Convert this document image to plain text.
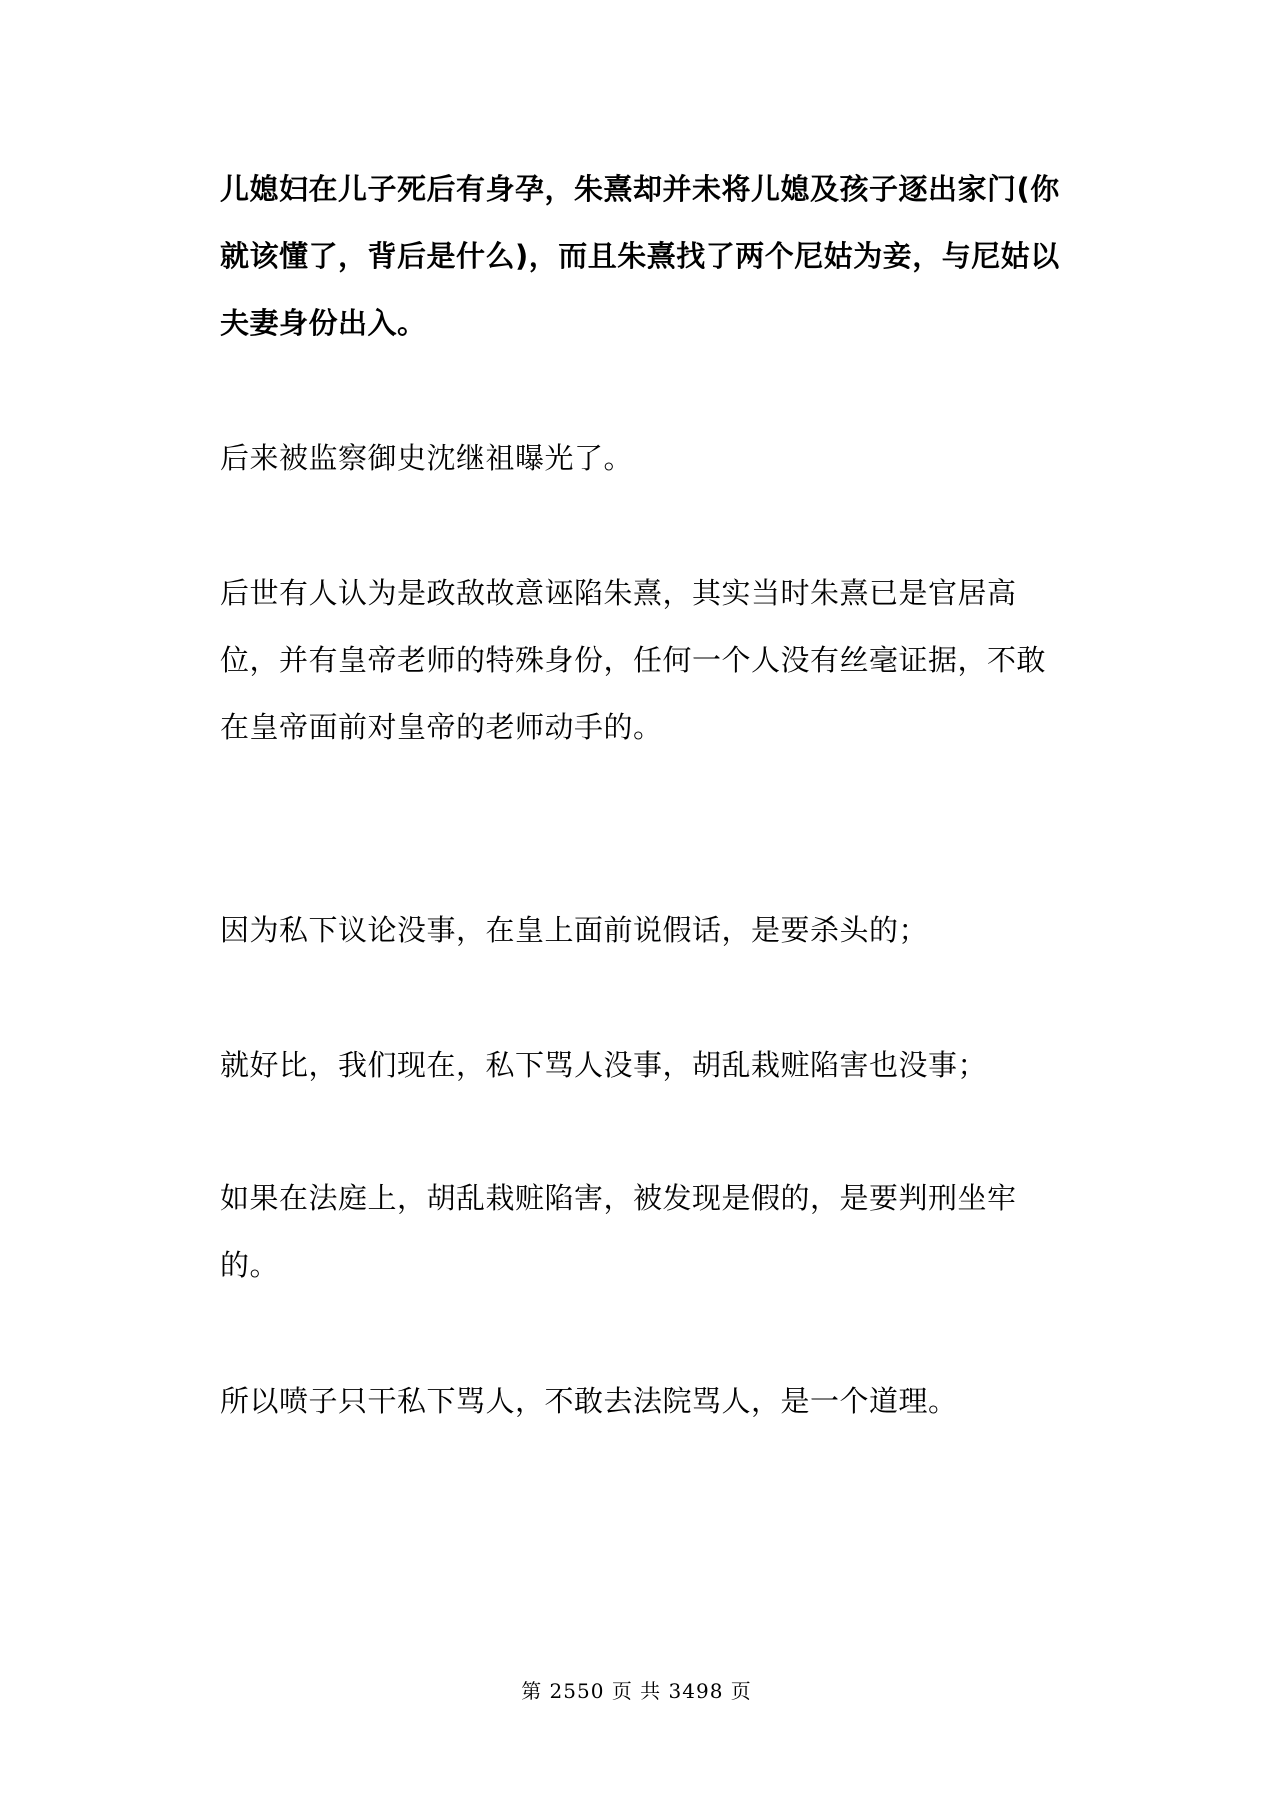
儿媳妇在儿子死后有身孕，朱熹却并未将儿媳及孩子逐出家门(你就该懂了，背后是什么)，而且朱熹找了两个尼姑为妾，与尼姑以夫妻身份出入。

后来被监察御史沈继祖曝光了。

后世有人认为是政敌故意诬陷朱熹，其实当时朱熹已是官居高位，并有皇帝老师的特殊身份，任何一个人没有丝毫证据，不敢在皇帝面前对皇帝的老师动手的。

因为私下议论没事，在皇上面前说假话，是要杀头的；

就好比，我们现在，私下骂人没事，胡乱栽赃陷害也没事；

如果在法庭上，胡乱栽赃陷害，被发现是假的，是要判刑坐牢的。

所以喷子只干私下骂人，不敢去法院骂人，是一个道理。

第 2550 页 共 3498 页
